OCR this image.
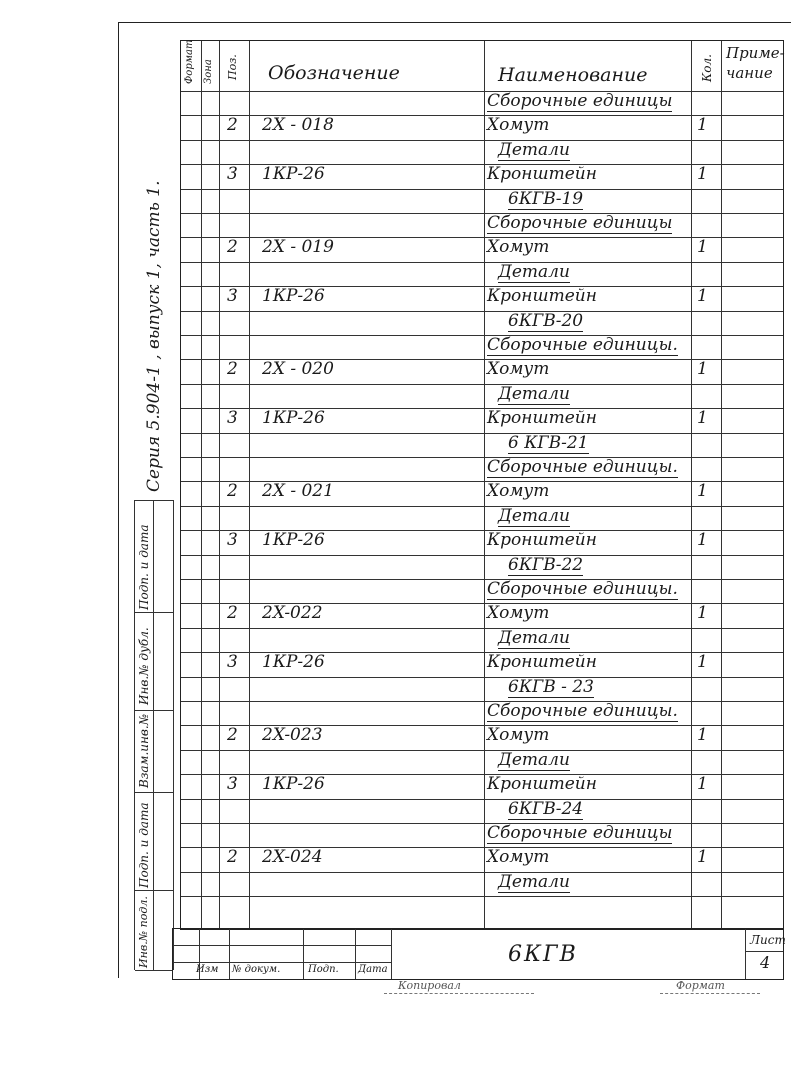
Серия 5.904-1 , выпуск 1, часть 1.
Подп. и дата
Инв.№ дубл.
Взам.инв.№
Подп. и дата
Инв.№ подл.
Формат Зона Поз. Обозначение	Наименование	Кол.
Приме-
чание
Сборочные единицы
2 2X - 018	Хомут	1
Детали
3 1КР-26	Кронштейн	1
6КГВ-19
Сборочные единицы
2 2X - 019	Хомут	1
Детали
3 1КР-26	Кронштейн	1
6КГВ-20
Сборочные единицы.
2 2X - 020	Хомут	1
Детали
3 1КР-26	Кронштейн	1
6 КГВ-21
Сборочные единицы.
2 2X - 021	Хомут	1
Детали
3 1КР-26	Кронштейн	1
6КГВ-22
Сборочные единицы.
2 2X-022	Хомут	1
Детали
3 1КР-26	Кронштейн	1
6КГВ - 23
Сборочные единицы.
2 2X-023	Хомут	1
Детали
3 1КР-26	Кронштейн	1
6КГВ-24
Сборочные единицы
2 2X-024	Хомут	1
Детали
Изм № докум.	Подп. Дата
6КГВ
Лист
4
Копировал	Формат
